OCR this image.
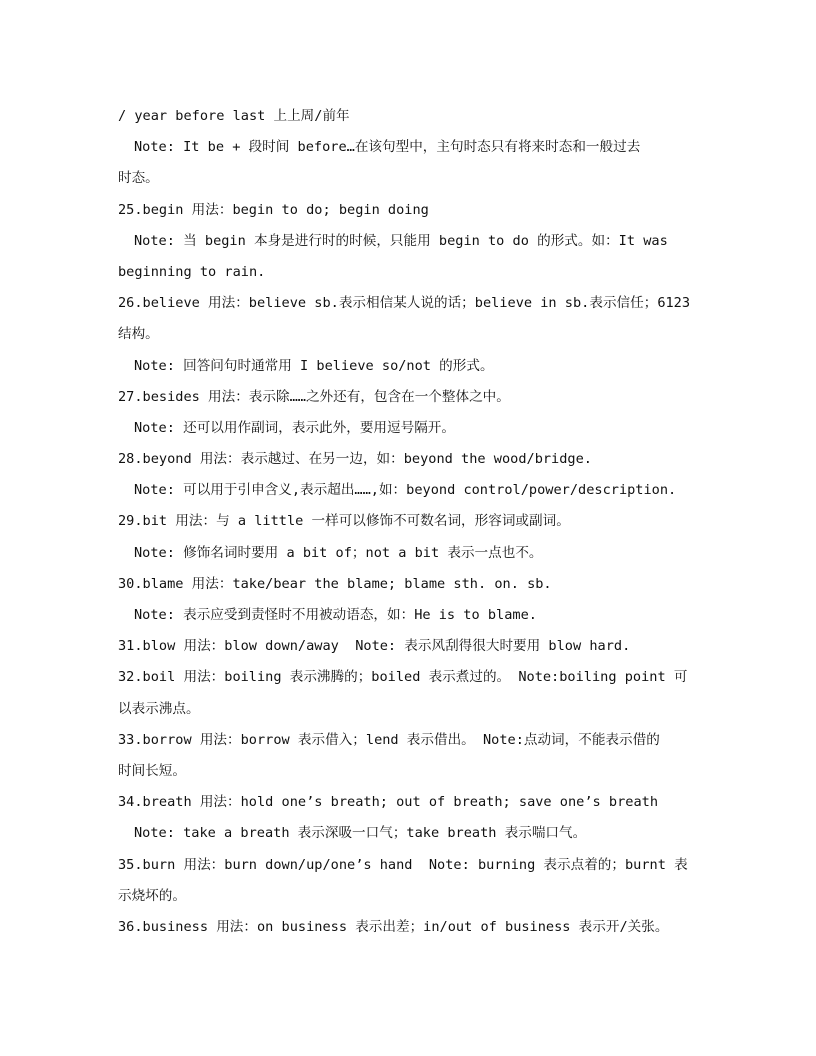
/ year before last 上上周/前年
Note: It be + 段时间 before…在该句型中，主句时态只有将来时态和一般过去
时态。
25.begin 用法：begin to do; begin doing
Note: 当 begin 本身是进行时的时候，只能用 begin to do 的形式。如：It was
beginning to rain.
26.believe 用法：believe sb.表示相信某人说的话；believe in sb.表示信任；6123
结构。
Note: 回答问句时通常用 I believe so/not 的形式。
27.besides 用法：表示除……之外还有，包含在一个整体之中。
Note: 还可以用作副词，表示此外，要用逗号隔开。
28.beyond 用法：表示越过、在另一边，如：beyond the wood/bridge.
Note: 可以用于引申含义,表示超出……,如：beyond control/power/description.
29.bit 用法：与 a little 一样可以修饰不可数名词，形容词或副词。
Note: 修饰名词时要用 a bit of；not a bit 表示一点也不。
30.blame 用法：take/bear the blame; blame sth. on. sb.
Note: 表示应受到责怪时不用被动语态，如：He is to blame.
31.blow 用法：blow down/away  Note: 表示风刮得很大时要用 blow hard.
32.boil 用法：boiling 表示沸腾的；boiled 表示煮过的。 Note:boiling point 可
以表示沸点。
33.borrow 用法：borrow 表示借入；lend 表示借出。 Note:点动词，不能表示借的
时间长短。
34.breath 用法：hold one’s breath; out of breath; save one’s breath
Note: take a breath 表示深吸一口气；take breath 表示喘口气。
35.burn 用法：burn down/up/one’s hand  Note: burning 表示点着的；burnt 表
示烧坏的。
36.business 用法：on business 表示出差；in/out of business 表示开/关张。
